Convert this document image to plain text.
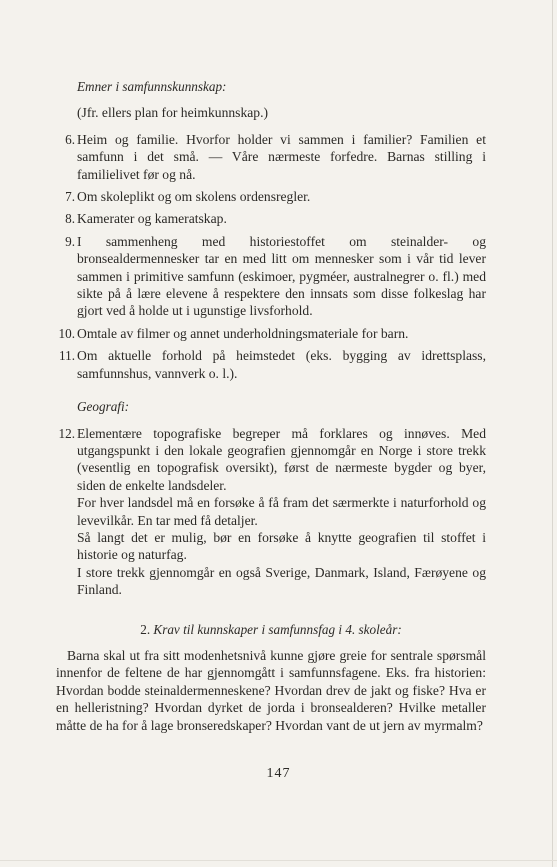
Emner i samfunnskunnskap:
(Jfr. ellers plan for heimkunnskap.)
6. Heim og familie. Hvorfor holder vi sammen i familier? Familien et samfunn i det små. — Våre nærmeste forfedre. Barnas stilling i familielivet før og nå.
7. Om skoleplikt og om skolens ordensregler.
8. Kamerater og kameratskap.
9. I sammenheng med historiestoffet om steinalder- og bronsealdermennesker tar en med litt om mennesker som i vår tid lever sammen i primitive samfunn (eskimoer, pygméer, australnegrer o. fl.) med sikte på å lære elevene å respektere den innsats som disse folkeslag har gjort ved å holde ut i ugunstige livsforhold.
10. Omtale av filmer og annet underholdningsmateriale for barn.
11. Om aktuelle forhold på heimstedet (eks. bygging av idrettsplass, samfunnshus, vannverk o. l.).
Geografi:
12. Elementære topografiske begreper må forklares og innøves. Med utgangspunkt i den lokale geografien gjennomgår en Norge i store trekk (vesentlig en topografisk oversikt), først de nærmeste bygder og byer, siden de enkelte landsdeler.
For hver landsdel må en forsøke å få fram det særmerkte i naturforhold og levevilkår. En tar med få detaljer.
Så langt det er mulig, bør en forsøke å knytte geografien til stoffet i historie og naturfag.
I store trekk gjennomgår en også Sverige, Danmark, Island, Færøyene og Finland.
2. Krav til kunnskaper i samfunnsfag i 4. skoleår:
Barna skal ut fra sitt modenhetsnivå kunne gjøre greie for sentrale spørsmål innenfor de feltene de har gjennomgått i samfunnsfagene. Eks. fra historien: Hvordan bodde steinaldermenneskene? Hvordan drev de jakt og fiske? Hva er en helleristning? Hvordan dyrket de jorda i bronsealderen? Hvilke metaller måtte de ha for å lage bronseredskaper? Hvordan vant de ut jern av myrmalm?
147
